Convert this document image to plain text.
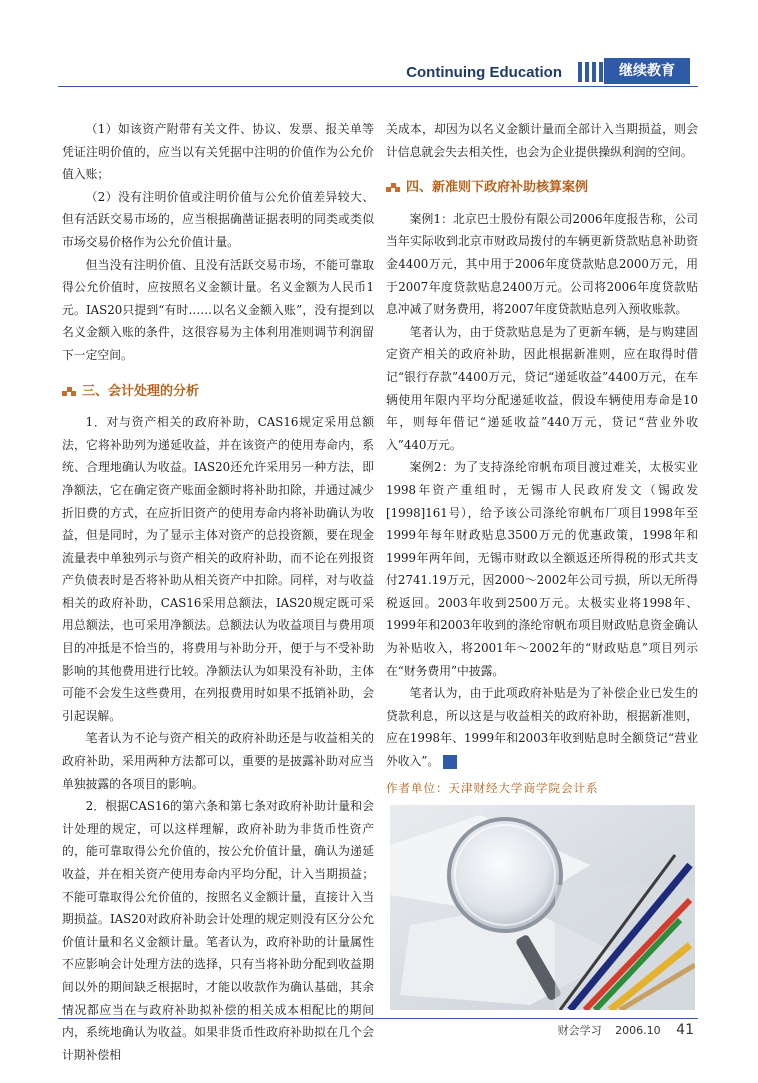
Continuing Education	继续教育

（1）如该资产附带有关文件、协议、发票、报关单等凭证注明价值的，应当以有关凭据中注明的价值作为公允价值入账；

（2）没有注明价值或注明价值与公允价值差异较大、但有活跃交易市场的，应当根据确凿证据表明的同类或类似市场交易价格作为公允价值计量。

但当没有注明价值、且没有活跃交易市场，不能可靠取得公允价值时，应按照名义金额计量。名义金额为人民币1元。IAS20只提到“有时……以名义金额入账”，没有提到以名义金额入账的条件，这很容易为主体利用准则调节利润留下一定空间。

三、会计处理的分析

1．对与资产相关的政府补助，CAS16规定采用总额法，它将补助列为递延收益，并在该资产的使用寿命内，系统、合理地确认为收益。IAS20还允许采用另一种方法，即净额法，它在确定资产账面金额时将补助扣除，并通过减少折旧费的方式，在应折旧资产的使用寿命内将补助确认为收益，但是同时，为了显示主体对资产的总投资额，要在现金流量表中单独列示与资产相关的政府补助，而不论在列报资产负债表时是否将补助从相关资产中扣除。同样，对与收益相关的政府补助，CAS16采用总额法，IAS20规定既可采用总额法，也可采用净额法。总额法认为收益项目与费用项目的冲抵是不恰当的，将费用与补助分开，便于与不受补助影响的其他费用进行比较。净额法认为如果没有补助，主体可能不会发生这些费用，在列报费用时如果不抵销补助，会引起误解。

笔者认为不论与资产相关的政府补助还是与收益相关的政府补助，采用两种方法都可以，重要的是披露补助对应当单独披露的各项目的影响。

2．根据CAS16的第六条和第七条对政府补助计量和会计处理的规定，可以这样理解，政府补助为非货币性资产的，能可靠取得公允价值的，按公允价值计量，确认为递延收益，并在相关资产使用寿命内平均分配，计入当期损益；不能可靠取得公允价值的，按照名义金额计量，直接计入当期损益。IAS20对政府补助会计处理的规定则没有区分公允价值计量和名义金额计量。笔者认为，政府补助的计量属性不应影响会计处理方法的选择，只有当将补助分配到收益期间以外的期间缺乏根据时，才能以收款作为确认基础，其余情况都应当在与政府补助拟补偿的相关成本相配比的期间内，系统地确认为收益。如果非货币性政府补助拟在几个会计期补偿相

关成本，却因为以名义金额计量而全部计入当期损益，则会计信息就会失去相关性，也会为企业提供操纵利润的空间。

四、新准则下政府补助核算案例

案例1：北京巴士股份有限公司2006年度报告称，公司当年实际收到北京市财政局拨付的车辆更新贷款贴息补助资金4400万元，其中用于2006年度贷款贴息2000万元，用于2007年度贷款贴息2400万元。公司将2006年度贷款贴息冲减了财务费用，将2007年度贷款贴息列入预收账款。

笔者认为，由于贷款贴息是为了更新车辆，是与购建固定资产相关的政府补助，因此根据新准则，应在取得时借记“银行存款”4400万元，贷记“递延收益”4400万元，在车辆使用年限内平均分配递延收益，假设车辆使用寿命是10年，则每年借记“递延收益”440万元，贷记“营业外收入”440万元。

案例2：为了支持涤纶帘帆布项目渡过难关，太极实业1998年资产重组时，无锡市人民政府发文（锡政发[1998]161号），给予该公司涤纶帘帆布厂项目1998年至1999年每年财政贴息3500万元的优惠政策，1998年和1999年两年间，无锡市财政以全额返还所得税的形式共支付2741.19万元，因2000～2002年公司亏损，所以无所得税返回。2003年收到2500万元。太极实业将1998年、1999年和2003年收到的涤纶帘帆布项目财政贴息资金确认为补贴收入，将2001年～2002年的“财政贴息”项目列示在“财务费用”中披露。

笔者认为，由于此项政府补贴是为了补偿企业已发生的贷款利息，所以这是与收益相关的政府补助，根据新准则，应在1998年、1999年和2003年收到贴息时全额贷记“营业外收入”。

作者单位：天津财经大学商学院会计系
财会学习 2006.10 41
